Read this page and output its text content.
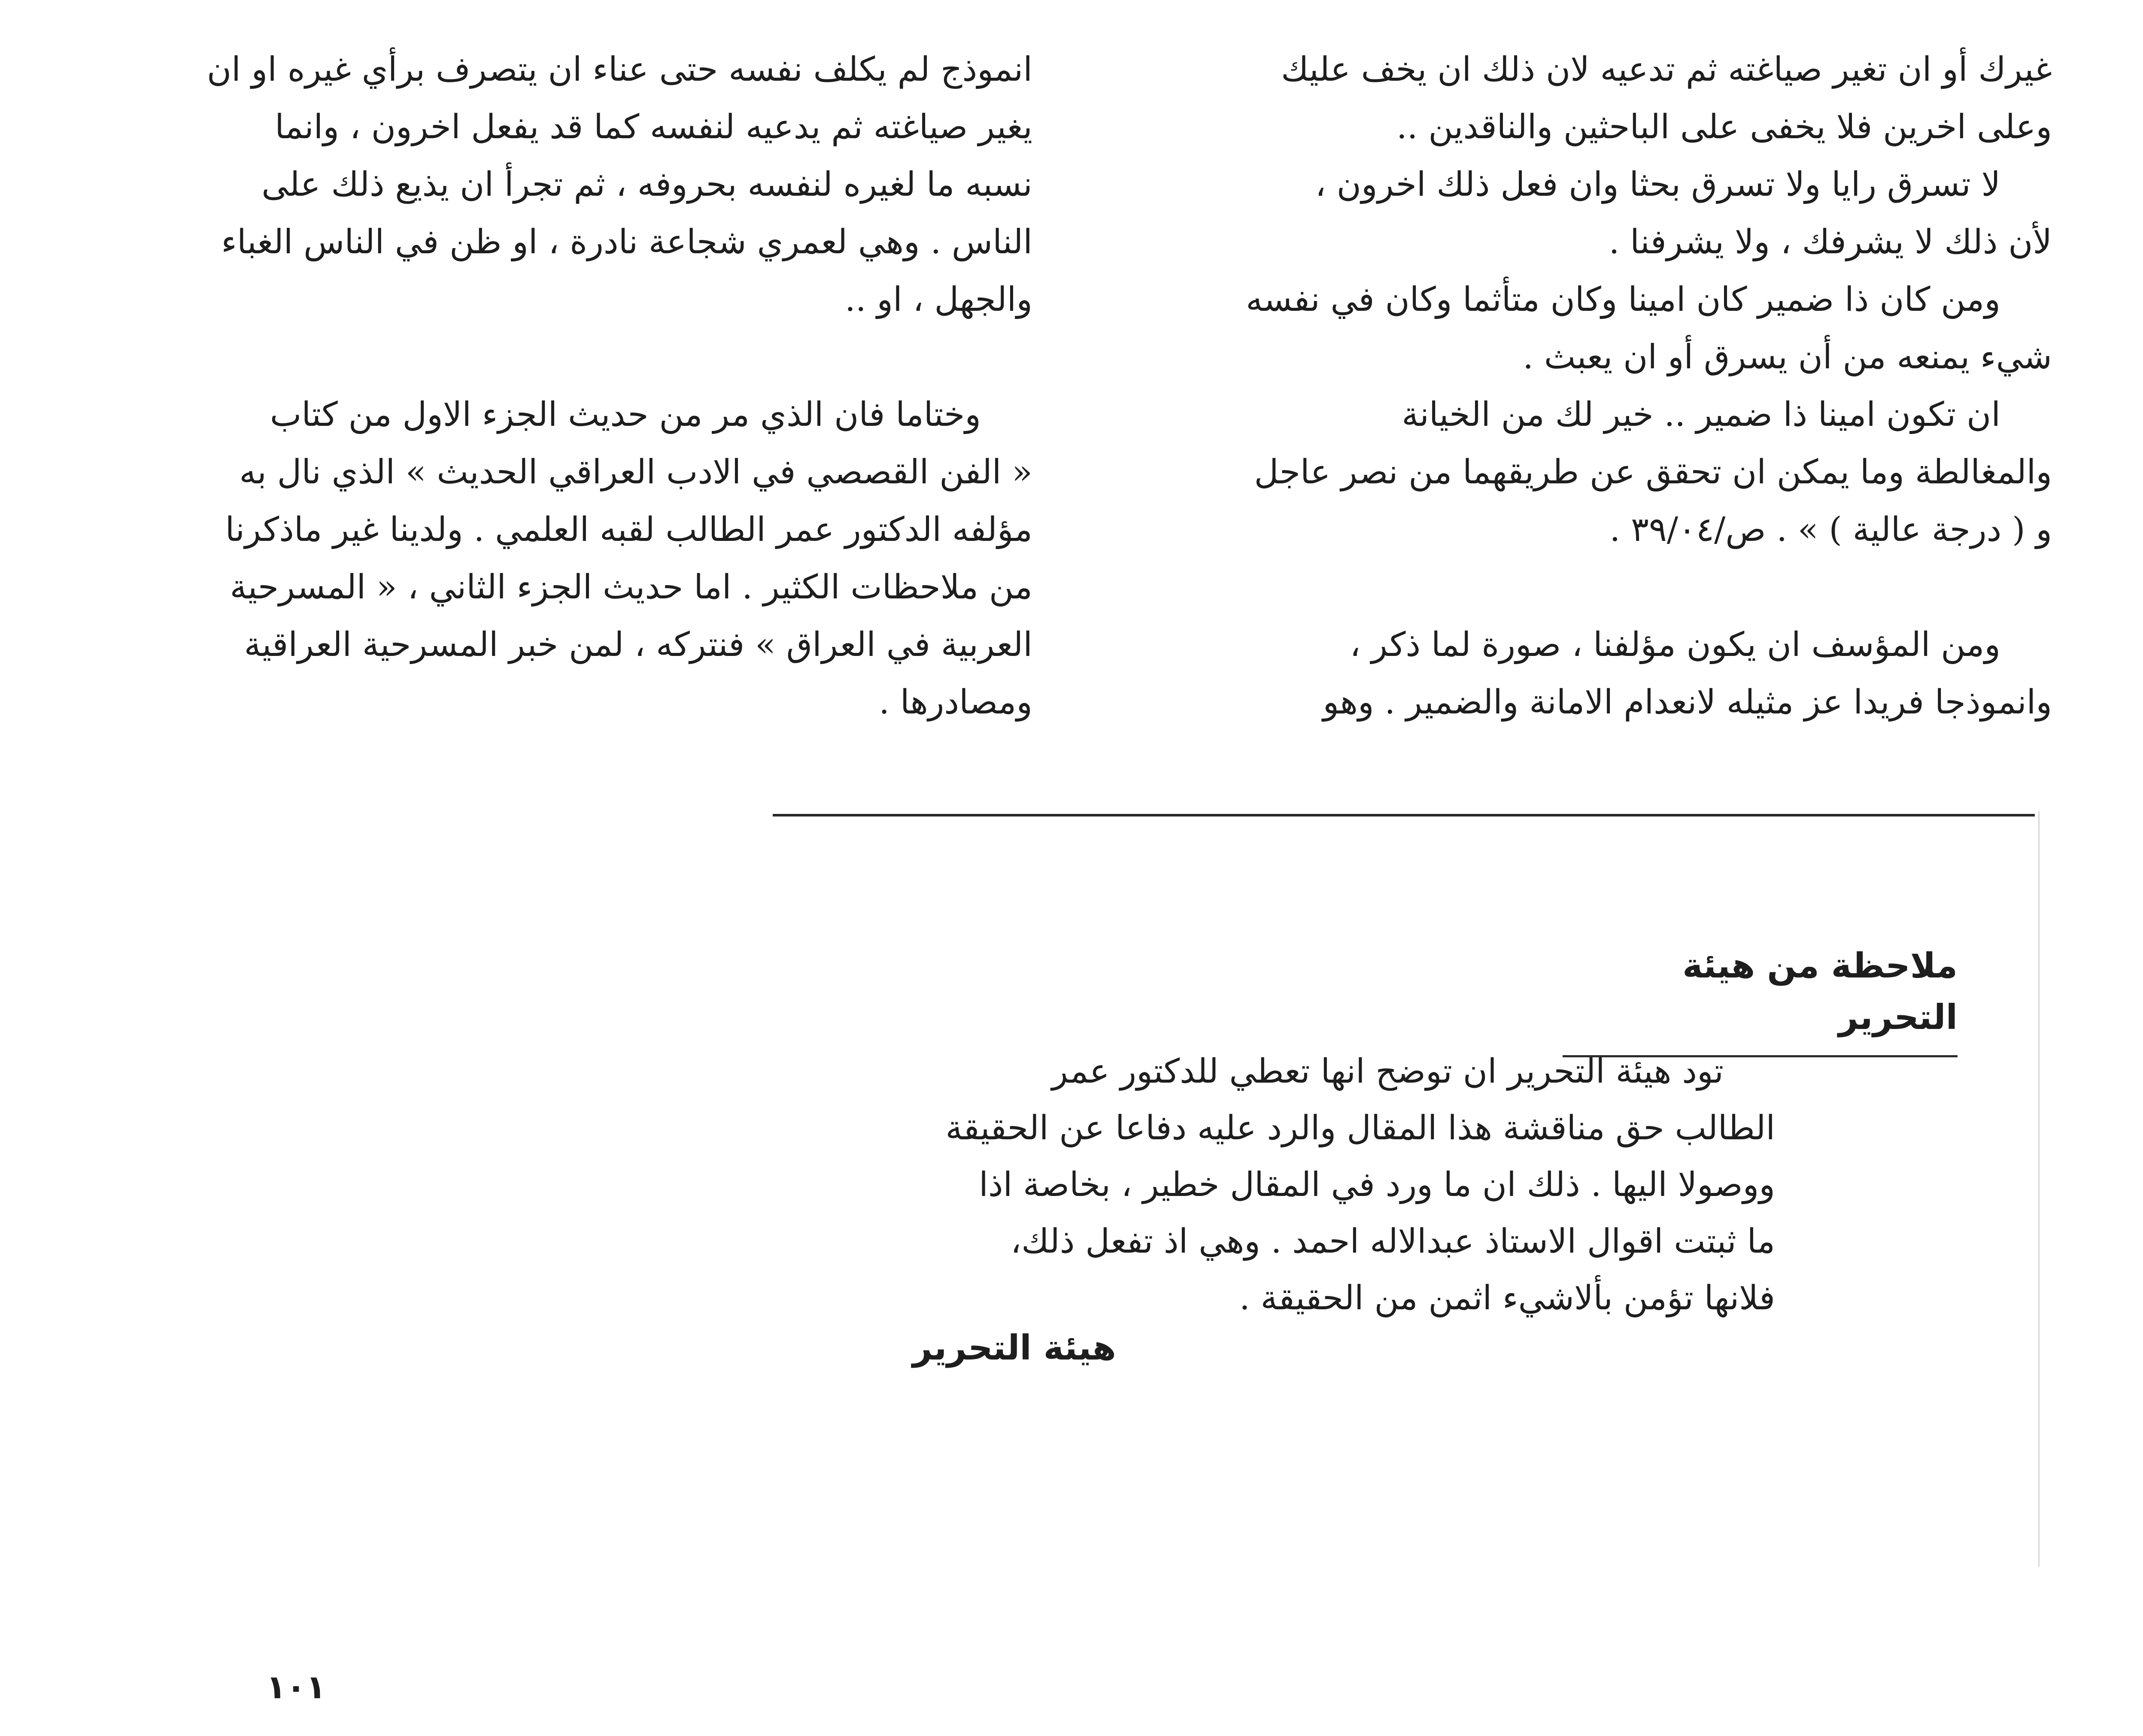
غيرك أو ان تغير صياغته ثم تدعيه لان ذلك ان يخف عليك

وعلى اخرين فلا يخفى على الباحثين والناقدين ..

لا تسرق رايا ولا تسرق بحثا وان فعل ذلك اخرون ،

لأن ذلك لا يشرفك ، ولا يشرفنا .

ومن كان ذا ضمير كان امينا وكان متأثما وكان في نفسه

شيء يمنعه من أن يسرق أو ان يعبث .

ان تكون امينا ذا ضمير .. خير لك من الخيانة

والمغالطة وما يمكن ان تحقق عن طريقهما من نصر عاجل

و ( درجة عالية ) » . ص/٣٩/٠٤ .

ومن المؤسف ان يكون مؤلفنا ، صورة لما ذكر ،

وانموذجا فريدا عز مثيله لانعدام الامانة والضمير . وهو

انموذج لم يكلف نفسه حتى عناء ان يتصرف برأي غيره او ان

يغير صياغته ثم يدعيه لنفسه كما قد يفعل اخرون ، وانما

نسبه ما لغيره لنفسه بحروفه ، ثم تجرأ ان يذيع ذلك على

الناس . وهي لعمري شجاعة نادرة ، او ظن في الناس الغباء

والجهل ، او ..

وختاما فان الذي مر من حديث الجزء الاول من كتاب

« الفن القصصي في الادب العراقي الحديث » الذي نال به

مؤلفه الدكتور عمر الطالب لقبه العلمي . ولدينا غير ماذكرنا

من ملاحظات الكثير . اما حديث الجزء الثاني ، « المسرحية

العربية في العراق » فنتركه ، لمن خبر المسرحية العراقية

ومصادرها .

ملاحظة من هيئة التحرير

تود هيئة التحرير ان توضح انها تعطي للدكتور عمر

الطالب حق مناقشة هذا المقال والرد عليه دفاعا عن الحقيقة

ووصولا اليها . ذلك ان ما ورد في المقال خطير ، بخاصة اذا

ما ثبتت اقوال الاستاذ عبدالاله احمد . وهي اذ تفعل ذلك،

فلانها تؤمن بألاشيء اثمن من الحقيقة .

هيئة التحرير
١٠١
